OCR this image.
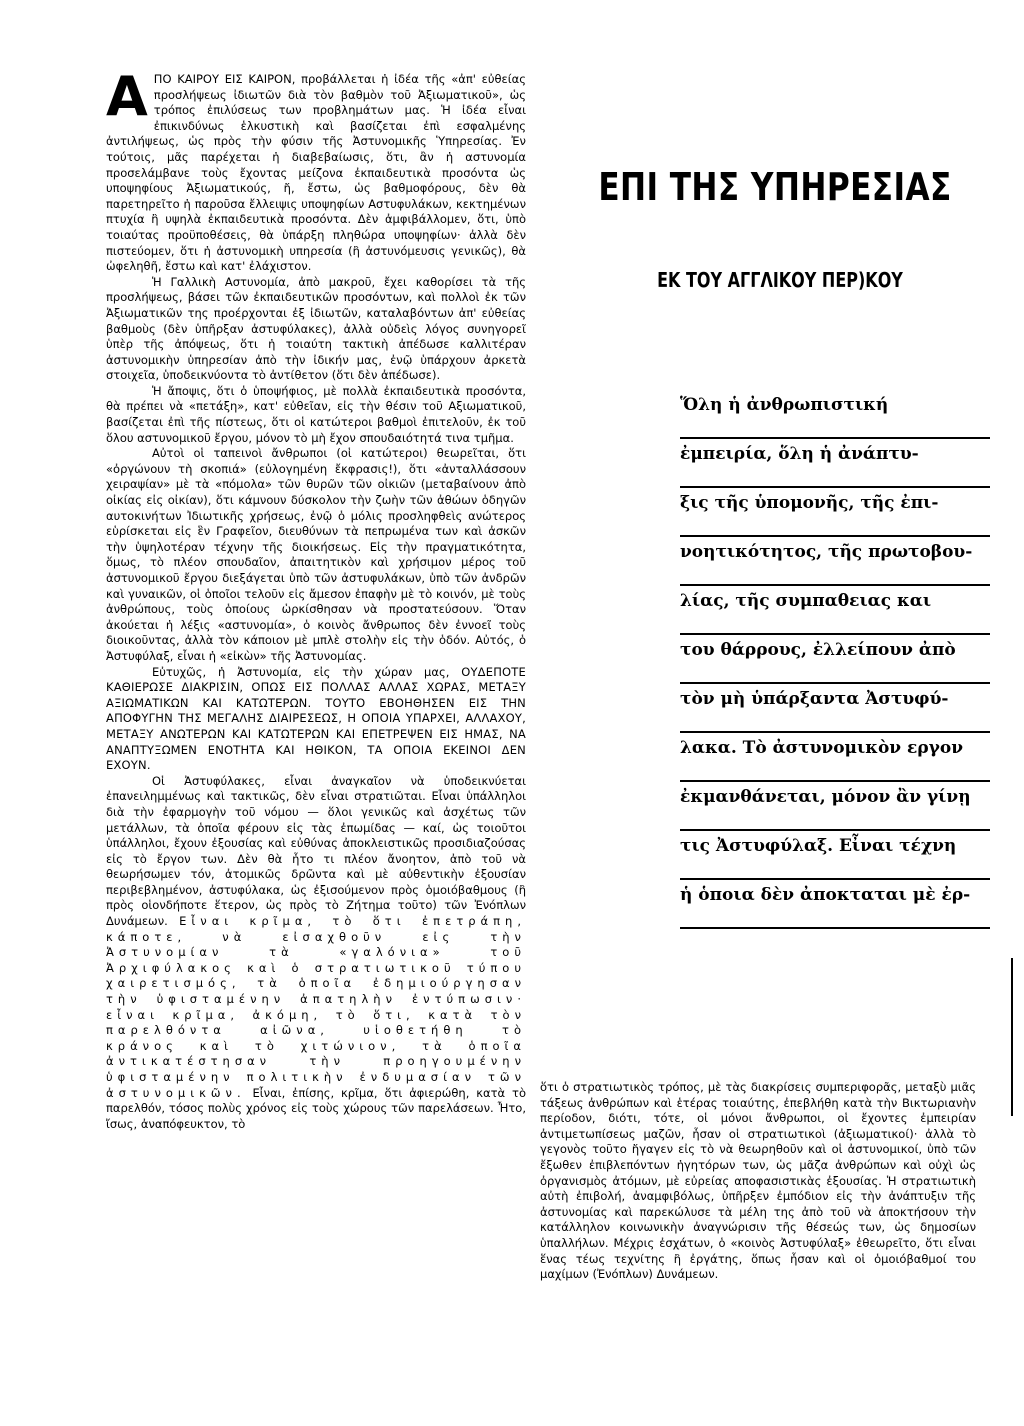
ΑΠΟ ΚΑΙΡΟΥ ΕΙΣ ΚΑΙΡΟΝ, προβάλλεται ἡ ἰδέα τῆς «ἀπ' εὐθείας προσλήψεως ἰδιωτῶν διὰ τὸν βαθμὸν τοῦ Ἀξιωματικοῦ», ὡς τρόπος ἐπιλύσεως των προβλημάτων μας. Ἡ ἰδέα εἶναι ἐπικινδύνως ἑλκυστικὴ καὶ βασίζεται ἐπὶ εσφαλμένης ἀντιλήψεως, ὡς πρὸς τὴν φύσιν τῆς Ἀστυνομικῆς Ὑπηρεσίας. Ἐν τούτοις, μᾶς παρέχεται ἡ διαβεβαίωσις, ὅτι, ἂν ἡ αστυνομία προσελάμβανε τοὺς ἔχοντας μείζονα ἐκπαιδευτικὰ προσόντα ὡς υποψηφίους Ἀξιωματικούς, ἤ, ἔστω, ὡς βαθμοφόρους, δὲν θὰ παρετηρεῖτο ἡ παροῦσα ἔλλειψις υποψηφίων Αστυφυλάκων, κεκτημένων πτυχία ἢ υψηλὰ ἐκπαιδευτικὰ προσόντα. Δὲν ἀμφιβάλλομεν, ὅτι, ὑπὸ τοιαύτας προϋποθέσεις, θὰ ὑπάρξη πληθώρα υποψηφίων· ἀλλὰ δὲν πιστεύομεν, ὅτι ἡ ἀστυνομικὴ υπηρεσία (ἢ ἀστυνόμευσις γενικῶς), θὰ ὠφεληθῆ, ἔστω καὶ κατ' ἐλάχιστον.

Ἡ Γαλλικὴ Αστυνομία, ἀπὸ μακροῦ, ἔχει καθορίσει τὰ τῆς προσλήψεως, βάσει τῶν ἐκπαιδευτικῶν προσόντων, καὶ πολλοὶ ἐκ τῶν Ἀξιωματικῶν της προέρχονται ἐξ ἰδιωτῶν, καταλαβόντων ἀπ' εὐθείας βαθμοὺς (δὲν ὑπῆρξαν ἀστυφύλακες), ἀλλὰ οὐδεὶς λόγος συνηγορεῖ ὑπὲρ τῆς ἀπόψεως, ὅτι ἡ τοιαύτη τακτικὴ ἀπέδωσε καλλιτέραν ἀστυνομικὴν ὑπηρεσίαν ἀπὸ τὴν ἰδικήν μας, ἐνῷ ὑπάρχουν ἀρκετὰ στοιχεῖα, ὑποδεικνύοντα τὸ ἀντίθετον (ὅτι δὲν ἀπέδωσε).

Ἡ ἄποψις, ὅτι ὁ ὑποψήφιος, μὲ πολλὰ ἐκπαιδευτικὰ προσόντα, θὰ πρέπει νὰ «πετάξη», κατ' εὐθεῖαν, εἰς τὴν θέσιν τοῦ Αξιωματικοῦ, βασίζεται ἐπὶ τῆς πίστεως, ὅτι οἱ κατώτεροι βαθμοὶ ἐπιτελοῦν, ἐκ τοῦ ὅλου αστυνομικοῦ ἔργου, μόνον τὸ μὴ ἔχον σπουδαιότητά τινα τμῆμα.

Αὐτοὶ οἱ ταπεινοὶ ἄνθρωποι (οἱ κατώτεροι) θεωρεῖται, ὅτι «ὀργώνουν τὴ σκοπιά» (εὐλογημένη ἔκφρασις!), ὅτι «ἀνταλλάσσουν χειραψίαν» μὲ τὰ «πόμολα» τῶν θυρῶν τῶν οἰκιῶν (μεταβαίνουν ἀπὸ οἰκίας εἰς οἰκίαν), ὅτι κάμνουν δύσκολον τὴν ζωὴν τῶν ἀθώων ὁδηγῶν αυτοκινήτων Ἰδιωτικῆς χρήσεως, ἐνῷ ὁ μόλις προσληφθεὶς ανώτερος εὑρίσκεται εἰς ἓν Γραφεῖον, διευθύνων τὰ πεπρωμένα των καὶ ἀσκῶν τὴν ὑψηλοτέραν τέχνην τῆς διοικήσεως. Εἰς τὴν πραγματικότητα, ὅμως, τὸ πλέον σπουδαῖον, ἀπαιτητικὸν καὶ χρήσιμον μέρος τοῦ ἀστυνομικοῦ ἔργου διεξάγεται ὑπὸ τῶν ἀστυφυλάκων, ὑπὸ τῶν ἀνδρῶν καὶ γυναικῶν, οἱ ὁποῖοι τελοῦν εἰς ἄμεσον ἐπαφὴν μὲ τὸ κοινόν, μὲ τοὺς ἀνθρώπους, τοὺς ὁποίους ὡρκίσθησαν νὰ προστατεύσουν. Ὅταν ἀκούεται ἡ λέξις «αστυνομία», ὁ κοινὸς ἄνθρωπος δὲν ἐννοεῖ τοὺς διοικοῦντας, ἀλλὰ τὸν κάποιον μὲ μπλὲ στολὴν εἰς τὴν ὁδόν. Αὐτός, ὁ Ἀστυφύλαξ, εἶναι ἡ «εἰκὼν» τῆς Ἀστυνομίας.

Εὐτυχῶς, ἡ Ἀστυνομία, εἰς τὴν χώραν μας, ΟΥΔΕΠΟΤΕ ΚΑΘΙΕΡΩΣΕ ΔΙΑΚΡΙΣΙΝ, ΟΠΩΣ ΕΙΣ ΠΟΛΛΑΣ ΑΛΛΑΣ ΧΩΡΑΣ, ΜΕΤΑΞΥ ΑΞΙΩΜΑΤΙΚΩΝ ΚΑΙ ΚΑΤΩΤΕΡΩΝ. ΤΟΥΤΟ ΕΒΟΗΘΗΣΕΝ ΕΙΣ ΤΗΝ ΑΠΟΦΥΓΗΝ ΤΗΣ ΜΕΓΑΛΗΣ ΔΙΑΙΡΕΣΕΩΣ, Η ΟΠΟΙΑ ΥΠΑΡΧΕΙ, ΑΛΛΑΧΟΥ, ΜΕΤΑΞΥ ΑΝΩΤΕΡΩΝ ΚΑΙ ΚΑΤΩΤΕΡΩΝ ΚΑΙ ΕΠΕΤΡΕΨΕΝ ΕΙΣ ΗΜΑΣ, ΝΑ ΑΝΑΠΤΥΞΩΜΕΝ ΕΝΟΤΗΤΑ ΚΑΙ ΗΘΙΚΟΝ, ΤΑ ΟΠΟΙΑ ΕΚΕΙΝΟΙ ΔΕΝ ΕΧΟΥΝ.

Οἱ Ἀστυφύλακες, εἶναι ἀναγκαῖον νὰ ὑποδεικνύεται ἐπανειλημμένως καὶ τακτικῶς, δὲν εἶναι στρατιῶται. Εἶναι ὑπάλληλοι διὰ τὴν ἐφαρμογὴν τοῦ νόμου — ὅλοι γενικῶς καὶ ἀσχέτως τῶν μετάλλων, τὰ ὁποῖα φέρουν εἰς τὰς ἐπωμίδας — καί, ὡς τοιοῦτοι ὑπάλληλοι, ἔχουν ἐξουσίας καὶ εὐθύνας ἀποκλειστικῶς προσιδιαζούσας εἰς τὸ ἔργον των. Δὲν θὰ ἦτο τι πλέον ἄνοητον, ἀπὸ τοῦ νὰ θεωρήσωμεν τόν, ἀτομικῶς δρῶντα καὶ μὲ αὐθεντικὴν ἐξουσίαν περιβεβλημένον, ἀστυφύλακα, ὡς ἐξισούμενον πρὸς ὁμοιόβαθμους (ἢ πρὸς οἱονδήποτε ἕτερον, ὡς πρὸς τὸ Ζήτημα τοῦτο) τῶν Ἐνόπλων Δυνάμεων. Εἶναι κρῖμα, τὸ ὅτι ἐπετράπη, κάποτε, νὰ εἰσαχθοῦν εἰς τὴν Ἀστυνομίαν τὰ «γαλόνια» τοῦ Ἀρχιφύλακος καὶ ὁ στρατιωτικοῦ τύπου χαιρετισμός, τὰ ὁποῖα ἐδημιούργησαν τὴν ὑφισταμένην ἀπατηλὴν ἐντύπωσιν· εἶναι κρῖμα, ἀκόμη, τὸ ὅτι, κατὰ τὸν παρελθόντα αἰῶνα, υἱοθετήθη τὸ κράνος καὶ τὸ χιτώνιον, τὰ ὁποῖα ἀντικατέστησαν τὴν προηγουμένην ὑφισταμένην πολιτικὴν ἐνδυμασίαν τῶν ἀστυνομικῶν. Εἶναι, ἐπίσης, κρῖμα, ὅτι ἀφιερώθη, κατὰ τὸ παρελθόν, τόσος πολὺς χρόνος εἰς τοὺς χώρους τῶν παρελάσεων. Ἦτο, ἴσως, ἀναπόφευκτον, τὸ

ΕΠΙ ΤΗΣ ΥΠΗΡΕΣΙΑΣ
ΕΚ ΤΟΥ ΑΓΓΛΙΚΟΥ ΠΕΡ)ΚΟΥ
Ὅλη ἡ ἀνθρωπιστική
ἐμπειρία, ὅλη ἡ ἀνάπτυ-
ξις τῆς ὑπομονῆς, τῆς ἐπι-
νοητικότητος, τῆς πρωτοβου-
λίας, τῆς συμπαθειας και
του θάρρους, ἐλλείπουν ἀπὸ
τὸν μὴ ὑπάρξαντα Ἀστυφύ-
λακα. Τὸ ἀστυνομικὸν εργον
ἐκμανθάνεται, μόνον ἂν γίνῃ
τις Ἀστυφύλαξ. Εἶναι τέχνη
ἡ ὁποια δὲν ἀποκταται μὲ ἐρ-
ὅτι ὁ στρατιωτικὸς τρόπος, μὲ τὰς διακρίσεις συμπεριφορᾶς, μεταξὺ μιᾶς τάξεως ἀνθρώπων καὶ ἑτέρας τοιαύτης, ἐπεβλήθη κατὰ τὴν Βικτωριανὴν περίοδον, διότι, τότε, οἱ μόνοι ἄνθρωποι, οἱ ἔχοντες ἐμπειρίαν ἀντιμετωπίσεως μαζῶν, ἦσαν οἱ στρατιωτικοὶ (ἀξιωματικοί)· ἀλλὰ τὸ γεγονὸς τοῦτο ἤγαγεν εἰς τὸ νὰ θεωρηθοῦν καὶ οἱ ἀστυνομικοί, ὑπὸ τῶν ἔξωθεν ἐπιβλεπόντων ἡγητόρων των, ὡς μᾶζα ἀνθρώπων καὶ οὐχὶ ὡς ὀργανισμὸς ἀτόμων, μὲ εὐρείας αποφασιστικὰς ἐξουσίας. Ἡ στρατιωτικὴ αὐτὴ ἐπιβολή, ἀναμφιβόλως, ὑπῆρξεν ἐμπόδιον εἰς τὴν ἀνάπτυξιν τῆς ἀστυνομίας καὶ παρεκώλυσε τὰ μέλη της ἀπὸ τοῦ νὰ ἀποκτήσουν τὴν κατάλληλον κοινωνικὴν ἀναγνώρισιν τῆς θέσεώς των, ὡς δημοσίων ὑπαλλήλων. Μέχρις ἐσχάτων, ὁ «κοινὸς Ἀστυφύλαξ» ἐθεωρεῖτο, ὅτι εἶναι ἕνας τέως τεχνίτης ἢ ἐργάτης, ὅπως ἦσαν καὶ οἱ ὁμοιόβαθμοί του μαχίμων (Ἐνόπλων) Δυνάμεων.
